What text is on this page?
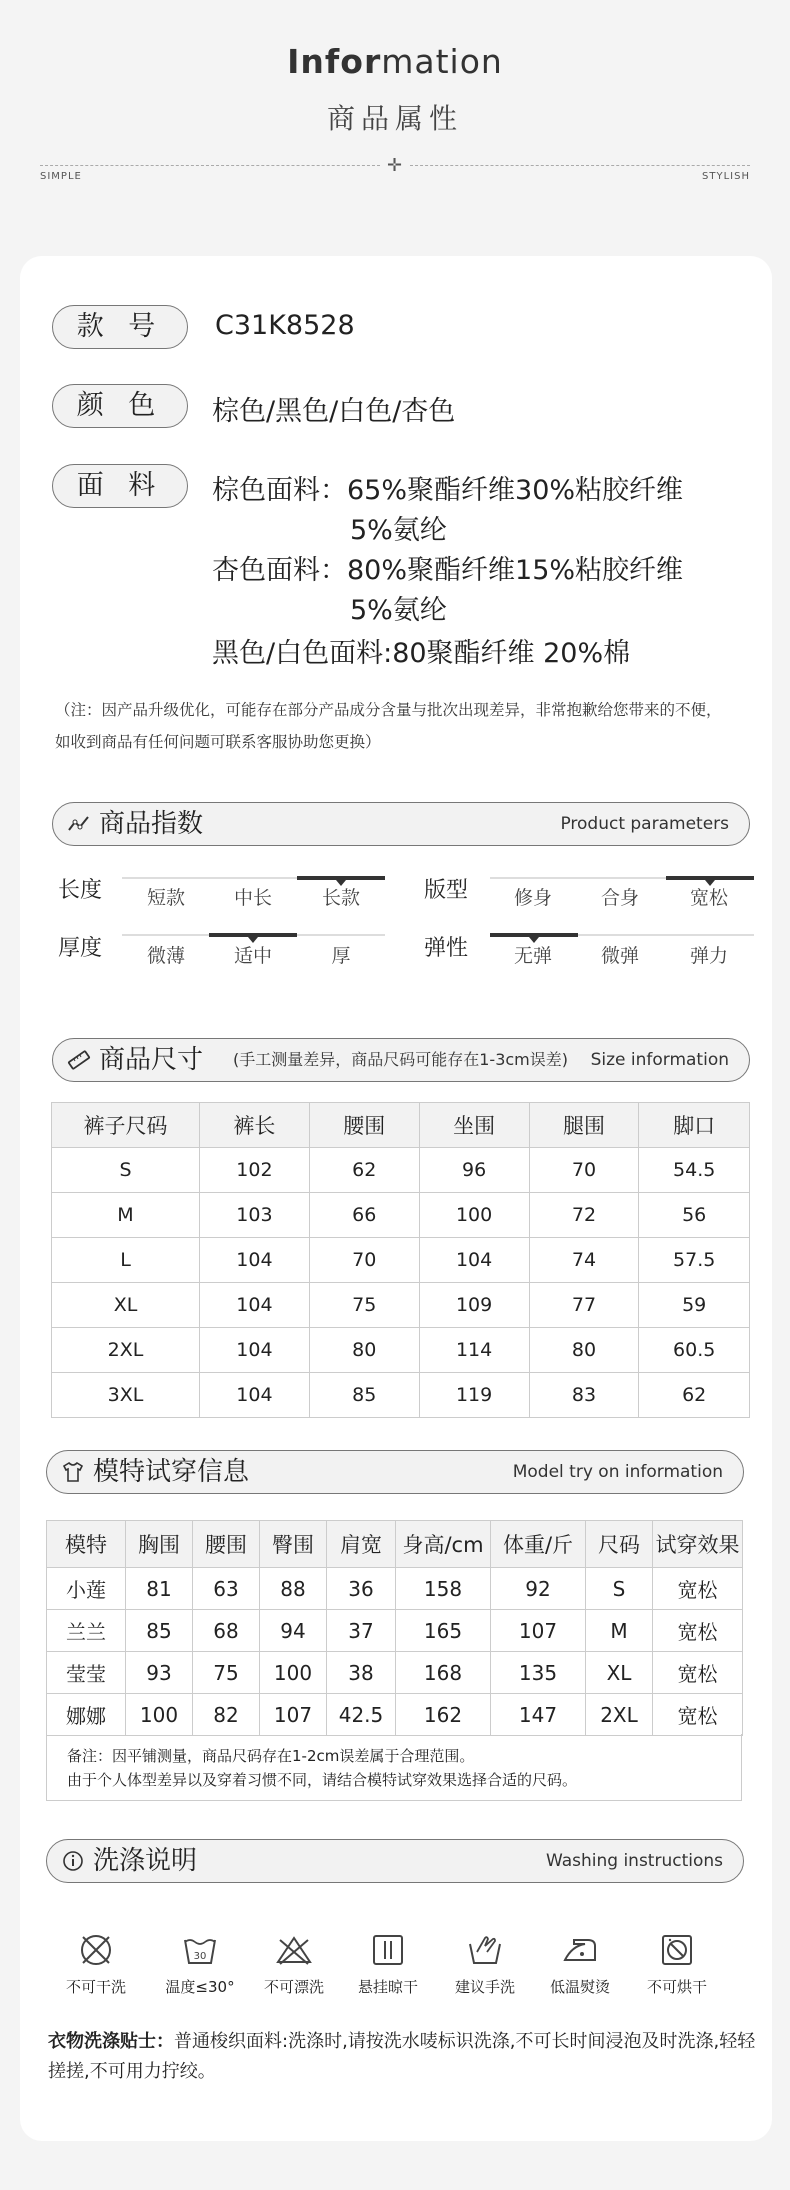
Information
商品属性
✛
SIMPLE	STYLISH
款 号	C31K8528
颜 色	棕色/黑色/白色/杏色
面 料	棕色面料：65%聚酯纤维30%粘胶纤维
5%氨纶
杏色面料：80%聚酯纤维15%粘胶纤维
5%氨纶
黑色/白色面料:80聚酯纤维 20%棉
（注：因产品升级优化，可能存在部分产品成分含量与批次出现差异，非常抱歉给您带来的不便，
如收到商品有任何问题可联系客服协助您更换）
商品指数	Product parameters
长度	短款	中长	长款	版型	修身	合身	宽松
厚度	微薄	适中	厚	弹性	无弹	微弹	弹力
商品尺寸 (手工测量差异，商品尺码可能存在1-3cm误差) Size information
裤子尺码	裤长	腰围	坐围	腿围	脚口
S	102	62	96	70	54.5
M	103	66	100	72	56
L	104	70	104	74	57.5
XL	104	75	109	77	59
2XL	104	80	114	80	60.5
3XL	104	85	119	83	62
模特试穿信息	Model try on information
模特	胸围	腰围	臀围	肩宽	身高/cm	体重/斤	尺码	试穿效果
小莲	81	63	88	36	158	92	S	宽松
兰兰	85	68	94	37	165	107	M	宽松
莹莹	93	75	100	38	168	135	XL	宽松
娜娜	100	82	107	42.5	162	147	2XL	宽松
备注：因平铺测量，商品尺码存在1-2cm误差属于合理范围。
由于个人体型差异以及穿着习惯不同，请结合模特试穿效果选择合适的尺码。
洗涤说明	Washing instructions
不可干洗
30
温度≤30°	不可漂洗	悬挂晾干	建议手洗	低温熨烫	不可烘干
衣物洗涤贴士：普通梭织面料:洗涤时,请按洗水唛标识洗涤,不可长时间浸泡及时洗涤,轻轻搓搓,不可用力拧绞。
